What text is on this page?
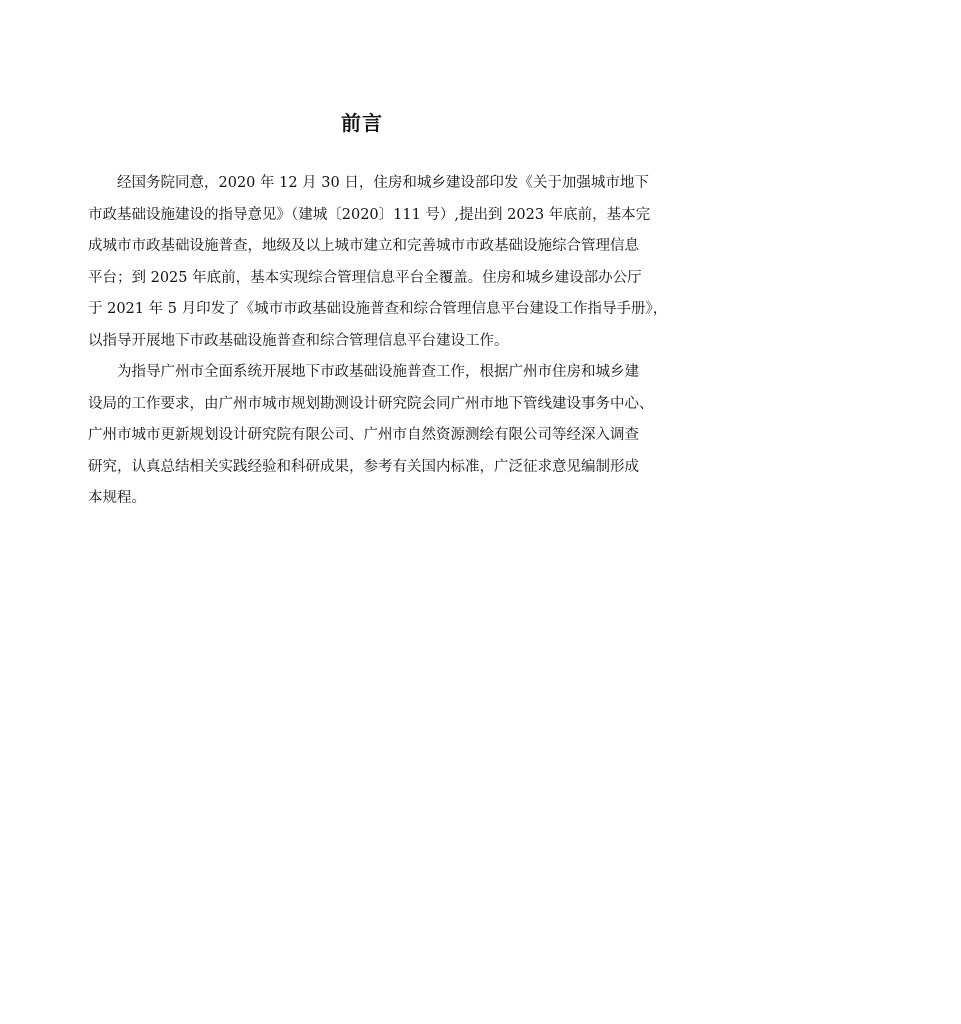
前言
经国务院同意，2020 年 12 月 30 日，住房和城乡建设部印发《关于加强城市地下
市政基础设施建设的指导意见》（建城〔2020〕111 号）,提出到 2023 年底前，基本完
成城市市政基础设施普查，地级及以上城市建立和完善城市市政基础设施综合管理信息
平台；到 2025 年底前，基本实现综合管理信息平台全覆盖。住房和城乡建设部办公厅
于 2021 年 5 月印发了《城市市政基础设施普查和综合管理信息平台建设工作指导手册》，
以指导开展地下市政基础设施普查和综合管理信息平台建设工作。
为指导广州市全面系统开展地下市政基础设施普查工作，根据广州市住房和城乡建
设局的工作要求，由广州市城市规划勘测设计研究院会同广州市地下管线建设事务中心、
广州市城市更新规划设计研究院有限公司、广州市自然资源测绘有限公司等经深入调查
研究，认真总结相关实践经验和科研成果，参考有关国内标准，广泛征求意见编制形成
本规程。
